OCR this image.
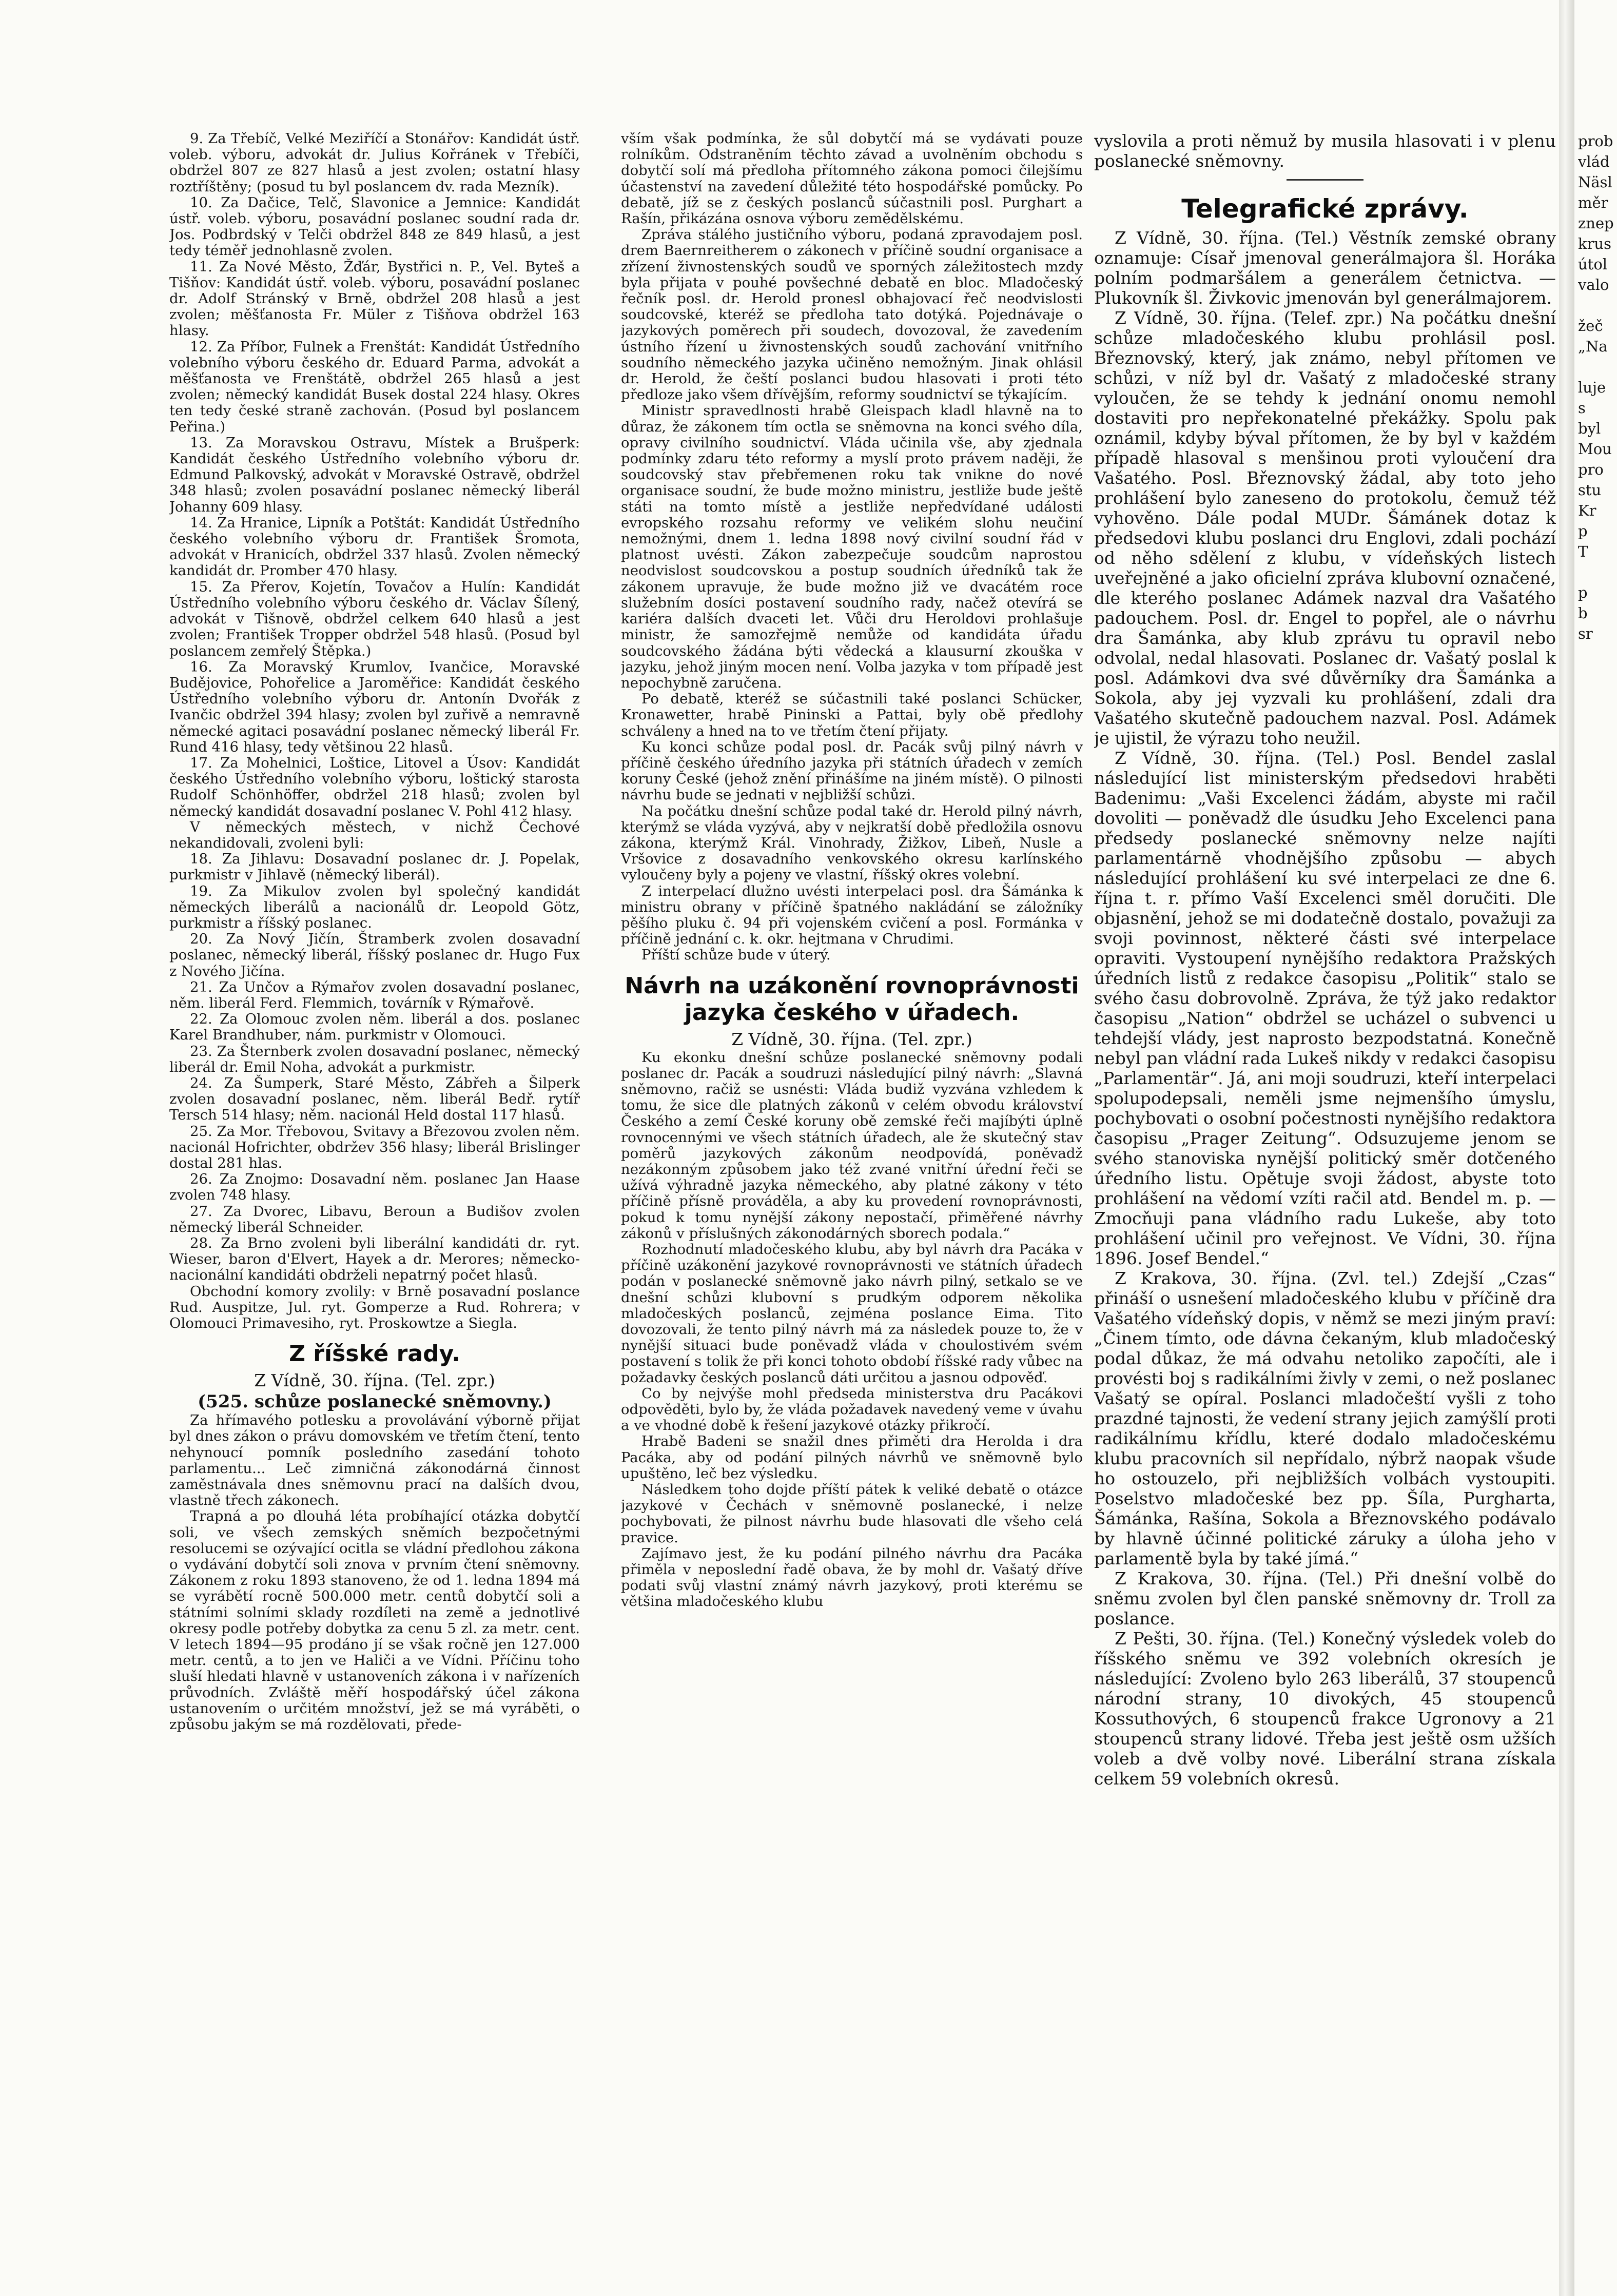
9. Za Třebíč, Velké Meziříčí a Stonářov: Kandidát ústř. voleb. výboru, advokát dr. Julius Kořránek v Třebíči, obdržel 807 ze 827 hlasů a jest zvolen; ostatní hlasy roztříštěny; (posud tu byl poslancem dv. rada Mezník).

10. Za Dačice, Telč, Slavonice a Jemnice: Kandidát ústř. voleb. výboru, posavádní poslanec soudní rada dr. Jos. Podbrdský v Telči obdržel 848 ze 849 hlasů, a jest tedy téměř jednohlasně zvolen.

11. Za Nové Město, Žďár, Bystřici n. P., Vel. Byteš a Tišňov: Kandidát ústř. voleb. výboru, posavádní poslanec dr. Adolf Stránský v Brně, obdržel 208 hlasů a jest zvolen; měšťanosta Fr. Müler z Tišňova obdržel 163 hlasy.

12. Za Příbor, Fulnek a Frenštát: Kandidát Ústředního volebního výboru českého dr. Eduard Parma, advokát a měšťanosta ve Frenštátě, obdržel 265 hlasů a jest zvolen; německý kandidát Busek dostal 224 hlasy. Okres ten tedy české straně zachován. (Posud byl poslancem Peřina.)

13. Za Moravskou Ostravu, Místek a Brušperk: Kandidát českého Ústředního volebního výboru dr. Edmund Palkovský, advokát v Moravské Ostravě, obdržel 348 hlasů; zvolen posavádní poslanec německý liberál Johanny 609 hlasy.

14. Za Hranice, Lipník a Potštát: Kandidát Ústředního českého volebního výboru dr. František Šromota, advokát v Hranicích, obdržel 337 hlasů. Zvolen německý kandidát dr. Promber 470 hlasy.

15. Za Přerov, Kojetín, Tovačov a Hulín: Kandidát Ústředního volebního výboru českého dr. Václav Šílený, advokát v Tišnově, obdržel celkem 640 hlasů a jest zvolen; František Tropper obdržel 548 hlasů. (Posud byl poslancem zemřelý Štěpka.)

16. Za Moravský Krumlov, Ivančice, Moravské Budějovice, Pohořelice a Jaroměřice: Kandidát českého Ústředního volebního výboru dr. Antonín Dvořák z Ivančic obdržel 394 hlasy; zvolen byl zuřivě a nemravně německé agitaci posavádní poslanec německý liberál Fr. Rund 416 hlasy, tedy většinou 22 hlasů.

17. Za Mohelnici, Loštice, Litovel a Úsov: Kandidát českého Ústředního volebního výboru, loštický starosta Rudolf Schönhöffer, obdržel 218 hlasů; zvolen byl německý kandidát dosavadní poslanec V. Pohl 412 hlasy.

V německých městech, v nichž Čechové nekandidovali, zvoleni byli:

18. Za Jihlavu: Dosavadní poslanec dr. J. Popelak, purkmistr v Jihlavě (německý liberál).

19. Za Mikulov zvolen byl společný kandidát německých liberálů a nacionálů dr. Leopold Götz, purkmistr a říšský poslanec.

20. Za Nový Jičín, Štramberk zvolen dosavadní poslanec, německý liberál, říšský poslanec dr. Hugo Fux z Nového Jičína.

21. Za Unčov a Rýmařov zvolen dosavadní poslanec, něm. liberál Ferd. Flemmich, továrník v Rýmařově.

22. Za Olomouc zvolen něm. liberál a dos. poslanec Karel Brandhuber, nám. purkmistr v Olomouci.

23. Za Šternberk zvolen dosavadní poslanec, německý liberál dr. Emil Noha, advokát a purkmistr.

24. Za Šumperk, Staré Město, Zábřeh a Šilperk zvolen dosavadní poslanec, něm. liberál Bedř. rytíř Tersch 514 hlasy; něm. nacionál Held dostal 117 hlasů.

25. Za Mor. Třebovou, Svitavy a Březovou zvolen něm. nacionál Hofrichter, obdržev 356 hlasy; liberál Brislinger dostal 281 hlas.

26. Za Znojmo: Dosavadní něm. poslanec Jan Haase zvolen 748 hlasy.

27. Za Dvorec, Libavu, Beroun a Budišov zvolen německý liberál Schneider.

28. Za Brno zvoleni byli liberální kandidáti dr. ryt. Wieser, baron d'Elvert, Hayek a dr. Merores; německo-nacionální kandidáti obdrželi nepatrný počet hlasů.

Obchodní komory zvolily: v Brně posavadní poslance Rud. Auspitze, Jul. ryt. Gomperze a Rud. Rohrera; v Olomouci Primavesiho, ryt. Proskowtze a Siegla.

Z říšské rady.

Z Vídně, 30. října. (Tel. zpr.)

(525. schůze poslanecké sněmovny.)

Za hřímavého potlesku a provolávání výborně přijat byl dnes zákon o právu domovském ve třetím čtení, tento nehynoucí pomník posledního zasedání tohoto parlamentu... Leč zimničná zákonodárná činnost zaměstnávala dnes sněmovnu prací na dalších dvou, vlastně třech zákonech.

Trapná a po dlouhá léta probíhající otázka dobytčí soli, ve všech zemských sněmích bezpočetnými resolucemi se ozývající ocitla se vládní předlohou zákona o vydávání dobytčí soli znova v prvním čtení sněmovny. Zákonem z roku 1893 stanoveno, že od 1. ledna 1894 má se vyrábětí rocně 500.000 metr. centů dobytčí soli a státními solními sklady rozdíleti na země a jednotlivé okresy podle potřeby dobytka za cenu 5 zl. za metr. cent. V letech 1894—95 prodáno jí se však ročně jen 127.000 metr. centů, a to jen ve Haliči a ve Vídni. Příčinu toho sluší hledati hlavně v ustanoveních zákona i v nařízeních průvodních. Zvláště měří hospodářský účel zákona ustanovením o určitém množství, jež se má vyráběti, o způsobu jakým se má rozdělovati, přede-

vším však podmínka, že sůl dobytčí má se vydávati pouze rolníkům. Odstraněním těchto závad a uvolněním obchodu s dobytčí solí má předloha přítomného zákona pomoci čilejšímu účastenství na zavedení důležité této hospodářské pomůcky. Po debatě, jíž se z českých poslanců súčastnili posl. Purghart a Rašín, přikázána osnova výboru zemědělskému.

Zpráva stálého justičního výboru, podaná zpravodajem posl. drem Baernreitherem o zákonech v příčině soudní organisace a zřízení živnostenských soudů ve sporných záležitostech mzdy byla přijata v pouhé povšechné debatě en bloc. Mladočeský řečník posl. dr. Herold pronesl obhajovací řeč neodvislosti soudcovské, kteréž se předloha tato dotýká. Pojednávaje o jazykových poměrech při soudech, dovozoval, že zavedením ústního řízení u živnostenských soudů zachování vnitřního soudního německého jazyka učiněno nemožným. Jinak ohlásil dr. Herold, že čeští poslanci budou hlasovati i proti této předloze jako všem dřívějším, reformy soudnictví se týkajícím.

Ministr spravedlnosti hrabě Gleispach kladl hlavně na to důraz, že zákonem tím octla se sněmovna na konci svého díla, opravy civilního soudnictví. Vláda učinila vše, aby zjednala podmínky zdaru této reformy a myslí proto právem naději, že soudcovský stav přebřemenen roku tak vnikne do nové organisace soudní, že bude možno ministru, jestliže bude ještě státi na tomto místě a jestliže nepředvídané události evropského rozsahu reformy ve velikém slohu neučiní nemožnými, dnem 1. ledna 1898 nový civilní soudní řád v platnost uvésti. Zákon zabezpečuje soudcům naprostou neodvislost soudcovskou a postup soudních úředníků tak že zákonem upravuje, že bude možno již ve dvacátém roce služebním dosíci postavení soudního rady, načež otevírá se kariéra dalších dvaceti let. Vůči dru Heroldovi prohlašuje ministr, že samozřejmě nemůže od kandidáta úřadu soudcovského žádána býti vědecká a klausurní zkouška v jazyku, jehož jiným mocen není. Volba jazyka v tom případě jest nepochybně zaručena.

Po debatě, kteréž se súčastnili také poslanci Schücker, Kronawetter, hrabě Pininski a Pattai, byly obě předlohy schváleny a hned na to ve třetím čtení přijaty.

Ku konci schůze podal posl. dr. Pacák svůj pilný návrh v příčině českého úředního jazyka při státních úřadech v zemích koruny České (jehož znění přinášíme na jiném místě). O pilnosti návrhu bude se jednati v nejbližší schůzi.

Na počátku dnešní schůze podal také dr. Herold pilný návrh, kterýmž se vláda vyzývá, aby v nejkratší době předložila osnovu zákona, kterýmž Král. Vinohrady, Žižkov, Libeň, Nusle a Vršovice z dosavadního venkovského okresu karlínského vyloučeny byly a pojeny ve vlastní, říšský okres volební.

Z interpelací dlužno uvésti interpelaci posl. dra Šámánka k ministru obrany v příčině špatného nakládání se záložníky pěšího pluku č. 94 při vojenském cvičení a posl. Formánka v příčině jednání c. k. okr. hejtmana v Chrudimi.

Příští schůze bude v úterý.

Návrh na uzákonění rovnoprávnosti jazyka českého v úřadech.

Z Vídně, 30. října. (Tel. zpr.)

Ku ekonku dnešní schůze poslanecké sněmovny podali poslanec dr. Pacák a soudruzi následující pilný návrh: „Slavná sněmovno, račiž se usnésti: Vláda budiž vyzvána vzhledem k tomu, že sice dle platných zákonů v celém obvodu království Českého a zemí České koruny obě zemské řeči majíbýti úplně rovnocennými ve všech státních úřadech, ale že skutečný stav poměrů jazykových zákonům neodpovídá, poněvadž nezákonným způsobem jako též zvané vnitřní úřední řeči se užívá výhradně jazyka německého, aby platné zákony v této příčině přísně prováděla, a aby ku provedení rovnoprávnosti, pokud k tomu nynější zákony nepostačí, přiměřené návrhy zákonů v příslušných zákonodárných sborech podala.“

Rozhodnutí mladočeského klubu, aby byl návrh dra Pacáka v příčině uzákonění jazykové rovnoprávnosti ve státních úřadech podán v poslanecké sněmovně jako návrh pilný, setkalo se ve dnešní schůzi klubovní s prudkým odporem několika mladočeských poslanců, zejména poslance Eima. Tito dovozovali, že tento pilný návrh má za následek pouze to, že v nynější situaci bude poněvadž vláda v choulostivém svém postavení s tolik že při konci tohoto období říšské rady vůbec na požadavky českých poslanců dáti určitou a jasnou odpověď.

Co by nejvýše mohl předseda ministerstva dru Pacákovi odpověděti, bylo by, že vláda požadavek navedený veme v úvahu a ve vhodné době k řešení jazykové otázky přikročí.

Hrabě Badeni se snažil dnes přiměti dra Herolda i dra Pacáka, aby od podání pilných návrhů ve sněmovně bylo upuštěno, leč bez výsledku.

Následkem toho dojde příští pátek k veliké debatě o otázce jazykové v Čechách v sněmovně poslanecké, i nelze pochybovati, že pilnost návrhu bude hlasovati dle všeho celá pravice.

Zajímavo jest, že ku podání pilného návrhu dra Pacáka přiměla v neposlední řadě obava, že by mohl dr. Vašatý dříve podati svůj vlastní známý návrh jazykový, proti kterému se většina mladočeského klubu

vyslovila a proti němuž by musila hlasovati i v plenu poslanecké sněmovny.

Telegrafické zprávy.

Z Vídně, 30. října. (Tel.) Věstník zemské obrany oznamuje: Císař jmenoval generálmajora šl. Horáka polním podmaršálem a generálem četnictva. — Plukovník šl. Živkovic jmenován byl generálmajorem.

Z Vídně, 30. října. (Telef. zpr.) Na počátku dnešní schůze mladočeského klubu prohlásil posl. Březnovský, který, jak známo, nebyl přítomen ve schůzi, v níž byl dr. Vašatý z mladočeské strany vyloučen, že se tehdy k jednání onomu nemohl dostaviti pro nepřekonatelné překážky. Spolu pak oznámil, kdyby býval přítomen, že by byl v každém případě hlasoval s menšinou proti vyloučení dra Vašatého. Posl. Březnovský žádal, aby toto jeho prohlášení bylo zaneseno do protokolu, čemuž též vyhověno. Dále podal MUDr. Šámánek dotaz k předsedovi klubu poslanci dru Englovi, zdali pochází od něho sdělení z klubu, v vídeňských listech uveřejněné a jako oficielní zpráva klubovní označené, dle kterého poslanec Adámek nazval dra Vašatého padouchem. Posl. dr. Engel to popřel, ale o návrhu dra Šamánka, aby klub zprávu tu opravil nebo odvolal, nedal hlasovati. Poslanec dr. Vašatý poslal k posl. Adámkovi dva své důvěrníky dra Šamánka a Sokola, aby jej vyzvali ku prohlášení, zdali dra Vašatého skutečně padouchem nazval. Posl. Adámek je ujistil, že výrazu toho neužil.

Z Vídně, 30. října. (Tel.) Posl. Bendel zaslal následující list ministerským předsedovi hraběti Badenimu: „Vaši Excelenci žádám, abyste mi račil dovoliti — poněvadž dle úsudku Jeho Excelenci pana předsedy poslanecké sněmovny nelze najíti parlamentárně vhodnějšího způsobu — abych následující prohlášení ku své interpelaci ze dne 6. října t. r. přímo Vaší Excelenci směl doručiti. Dle objasnění, jehož se mi dodatečně dostalo, považuji za svoji povinnost, některé části své interpelace opraviti. Vystoupení nynějšího redaktora Pražských úředních listů z redakce časopisu „Politik“ stalo se svého času dobrovolně. Zpráva, že týž jako redaktor časopisu „Nation“ obdržel se ucházel o subvenci u tehdejší vlády, jest naprosto bezpodstatná. Konečně nebyl pan vládní rada Lukeš nikdy v redakci časopisu „Parlamentär“. Já, ani moji soudruzi, kteří interpelaci spolupodepsali, neměli jsme nejmenšího úmyslu, pochybovati o osobní počestnosti nynějšího redaktora časopisu „Prager Zeitung“. Odsuzujeme jenom se svého stanoviska nynější politický směr dotčeného úředního listu. Opětuje svoji žádost, abyste toto prohlášení na vědomí vzíti račil atd. Bendel m. p. — Zmocňuji pana vládního radu Lukeše, aby toto prohlášení učinil pro veřejnost. Ve Vídni, 30. října 1896. Josef Bendel.“

Z Krakova, 30. října. (Zvl. tel.) Zdejší „Czas“ přináší o usnešení mladočeského klubu v příčině dra Vašatého vídeňský dopis, v němž se mezi jiným praví: „Činem tímto, ode dávna čekaným, klub mladočeský podal důkaz, že má odvahu netoliko započíti, ale i provésti boj s radikálními živly v zemi, o než poslanec Vašatý se opíral. Poslanci mladočeští vyšli z toho prazdné tajnosti, že vedení strany jejich zamýšlí proti radikálnímu křídlu, které dodalo mladočeskému klubu pracovních sil nepřídalo, nýbrž naopak všude ho ostouzelo, při nejbližších volbách vystoupiti. Poselstvo mladočeské bez pp. Šíla, Purgharta, Šámánka, Rašína, Sokola a Březnovského podávalo by hlavně účinné politické záruky a úloha jeho v parlamentě byla by také jímá.“

Z Krakova, 30. října. (Tel.) Při dnešní volbě do sněmu zvolen byl člen panské sněmovny dr. Troll za poslance.

Z Pešti, 30. října. (Tel.) Konečný výsledek voleb do říšského sněmu ve 392 volebních okresích je následující: Zvoleno bylo 263 liberálů, 37 stoupenců národní strany, 10 divokých, 45 stoupenců Kossuthových, 6 stoupenců frakce Ugronovy a 21 stoupenců strany lidové. Třeba jest ještě osm užších voleb a dvě volby nové. Liberální strana získala celkem 59 volebních okresů.

prob
vlád
Näsl
měr
znep
krus
útol
valo

žeč
„Na

luje
s
byl
Mou
pro
stu
Kr
p
T

p
b
sr
